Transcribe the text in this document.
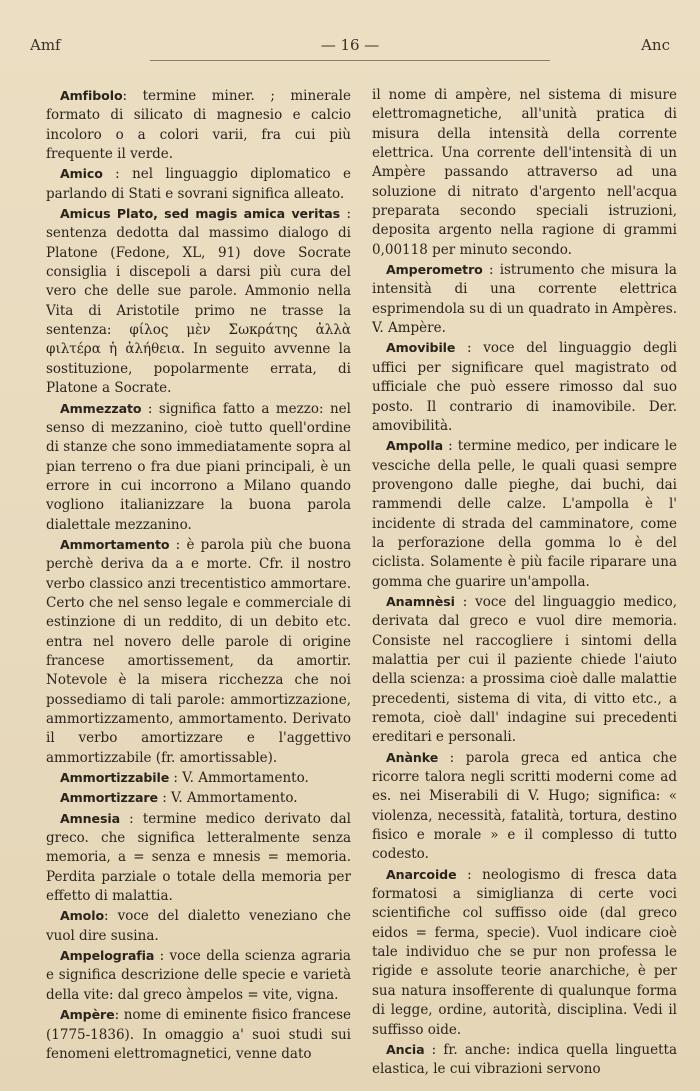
Amf	— 16 —	Anc

Amfibolo: termine miner. ; minerale formato di silicato di magnesio e calcio incoloro o a colori varii, fra cui più frequente il verde.

Amico : nel linguaggio diplomatico e parlando di Stati e sovrani significa alleato.

Amicus Plato, sed magis amica veritas : sentenza dedotta dal massimo dialogo di Platone (Fedone, XL, 91) dove Socrate consiglia i discepoli a darsi più cura del vero che delle sue parole. Ammonio nella Vita di Aristotile primo ne trasse la sentenza: φίλος μὲν Σωκράτης ἀλλὰ φιλτέρα ἡ ἀλήθεια. In seguito avvenne la sostituzione, popolarmente errata, di Platone a Socrate.

Ammezzato : significa fatto a mezzo: nel senso di mezzanino, cioè tutto quell'ordine di stanze che sono immediatamente sopra al pian terreno o fra due piani principali, è un errore in cui incorrono a Milano quando vogliono italianizzare la buona parola dialettale mezzanino.

Ammortamento : è parola più che buona perchè deriva da a e morte. Cfr. il nostro verbo classico anzi trecentistico ammortare. Certo che nel senso legale e commerciale di estinzione di un reddito, di un debito etc. entra nel novero delle parole di origine francese amortissement, da amortir. Notevole è la misera ricchezza che noi possediamo di tali parole: ammortizzazione, ammortizzamento, ammortamento. Derivato il verbo amortizzare e l'aggettivo ammortizzabile (fr. amortissable).

Ammortizzabile : V. Ammortamento.

Ammortizzare : V. Ammortamento.

Amnesia : termine medico derivato dal greco. che significa letteralmente senza memoria, a = senza e mnesis = memoria. Perdita parziale o totale della memoria per effetto di malattia.

Amolo: voce del dialetto veneziano che vuol dire susina.

Ampelografia : voce della scienza agraria e significa descrizione delle specie e varietà della vite: dal greco àmpelos = vite, vigna.

Ampère: nome di eminente fisico francese (1775-1836). In omaggio a' suoi studi sui fenomeni elettromagnetici, venne dato

il nome di ampère, nel sistema di misure elettromagnetiche, all'unità pratica di misura della intensità della corrente elettrica. Una corrente dell'intensità di un Ampère passando attraverso ad una soluzione di nitrato d'argento nell'acqua preparata secondo speciali istruzioni, deposita argento nella ragione di grammi 0,00118 per minuto secondo.

Amperometro : istrumento che misura la intensità di una corrente elettrica esprimendola su di un quadrato in Ampères. V. Ampère.

Amovibile : voce del linguaggio degli uffici per significare quel magistrato od ufficiale che può essere rimosso dal suo posto. Il contrario di inamovibile. Der. amovibilità.

Ampolla : termine medico, per indicare le vesciche della pelle, le quali quasi sempre provengono dalle pieghe, dai buchi, dai rammendi delle calze. L'ampolla è l' incidente di strada del camminatore, come la perforazione della gomma lo è del ciclista. Solamente è più facile riparare una gomma che guarire un'ampolla.

Anamnèsi : voce del linguaggio medico, derivata dal greco e vuol dire memoria. Consiste nel raccogliere i sintomi della malattia per cui il paziente chiede l'aiuto della scienza: a prossima cioè dalle malattie precedenti, sistema di vita, di vitto etc., a remota, cioè dall' indagine sui precedenti ereditari e personali.

Anànke : parola greca ed antica che ricorre talora negli scritti moderni come ad es. nei Miserabili di V. Hugo; significa: « violenza, necessità, fatalità, tortura, destino fisico e morale » e il complesso di tutto codesto.

Anarcoide : neologismo di fresca data formatosi a simiglianza di certe voci scientifiche col suffisso oide (dal greco eidos = ferma, specie). Vuol indicare cioè tale individuo che se pur non professa le rigide e assolute teorie anarchiche, è per sua natura insofferente di qualunque forma di legge, ordine, autorità, disciplina. Vedi il suffisso oide.

Ancia : fr. anche: indica quella linguetta elastica, le cui vibrazioni servono
